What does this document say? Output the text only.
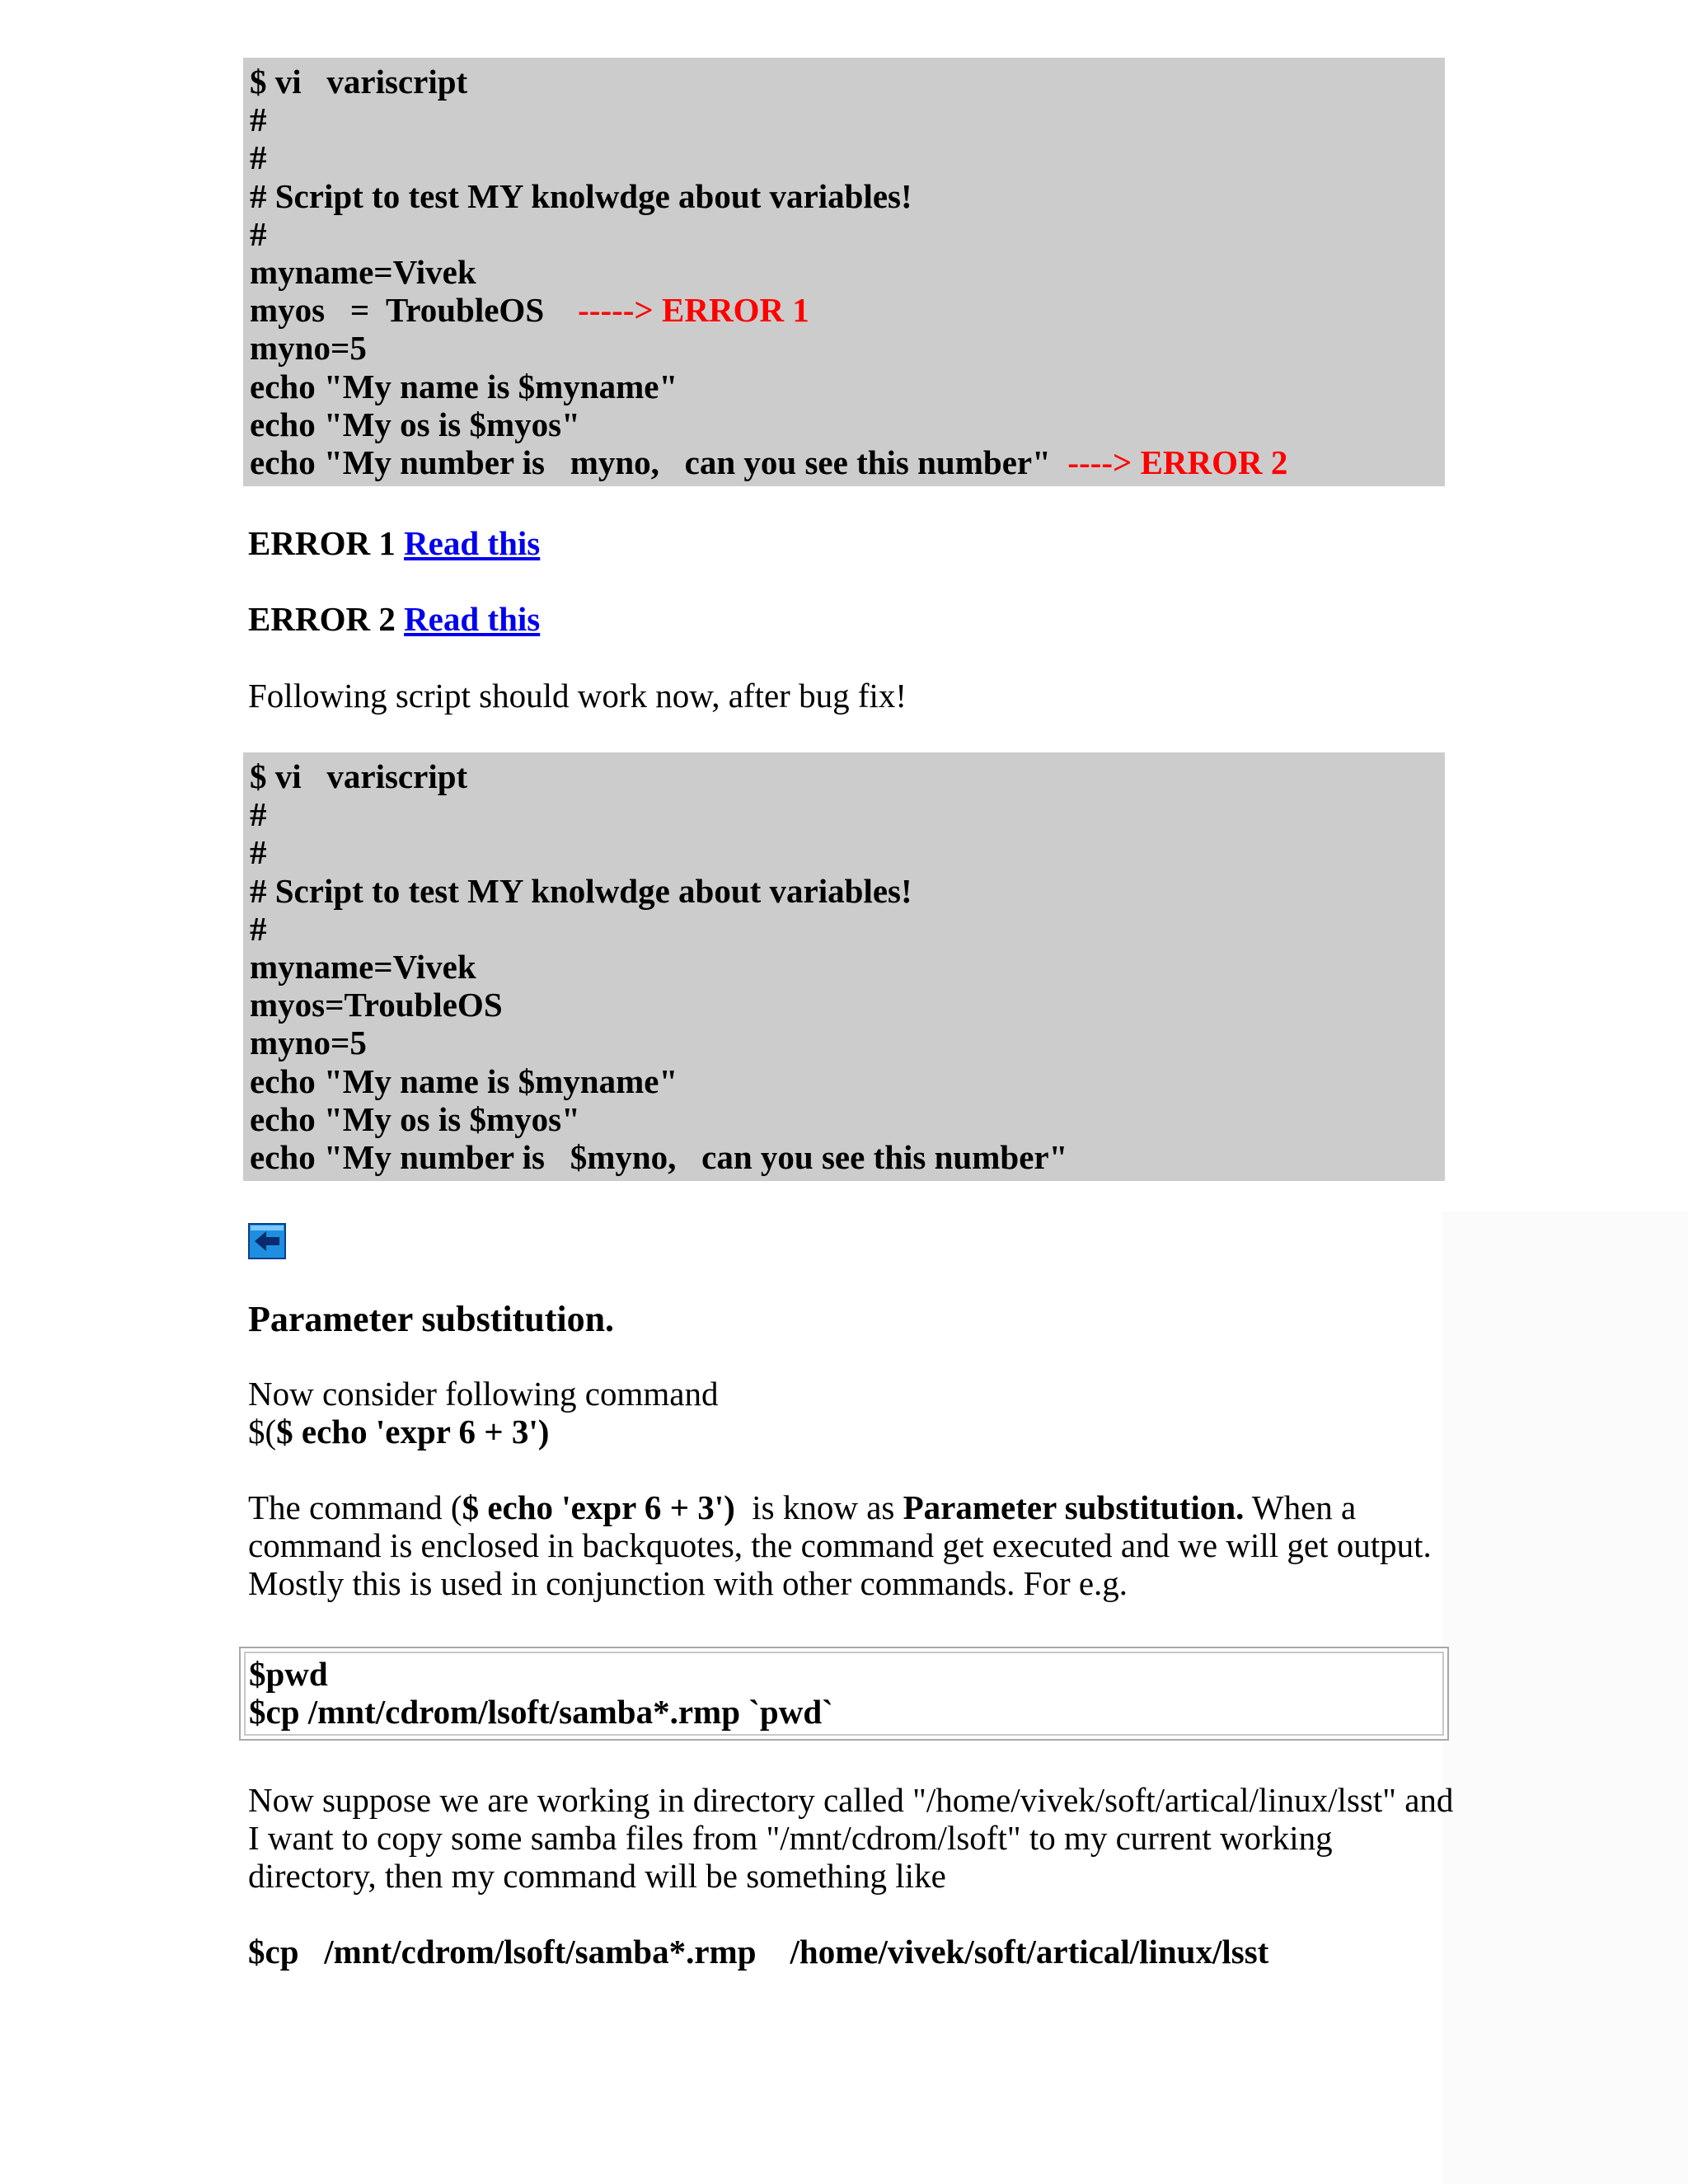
$ vi   variscript
#
#
# Script to test MY knolwdge about variables!
#
myname=Vivek
myos   =  TroubleOS    -----> ERROR 1
myno=5
echo "My name is $myname"
echo "My os is $myos"
echo "My number is   myno,   can you see this number"  ----> ERROR 2
ERROR 1 Read this
ERROR 2 Read this
Following script should work now, after bug fix!
$ vi   variscript
#
#
# Script to test MY knolwdge about variables!
#
myname=Vivek
myos=TroubleOS
myno=5
echo "My name is $myname"
echo "My os is $myos"
echo "My number is   $myno,   can you see this number"
Parameter substitution.
Now consider following command
$($ echo 'expr 6 + 3')
The command ($ echo 'expr 6 + 3')  is know as Parameter substitution. When a
command is enclosed in backquotes, the command get executed and we will get output.
Mostly this is used in conjunction with other commands. For e.g.
$pwd
$cp /mnt/cdrom/lsoft/samba*.rmp `pwd`
Now suppose we are working in directory called "/home/vivek/soft/artical/linux/lsst" and
I want to copy some samba files from "/mnt/cdrom/lsoft" to my current working
directory, then my command will be something like
$cp   /mnt/cdrom/lsoft/samba*.rmp    /home/vivek/soft/artical/linux/lsst
